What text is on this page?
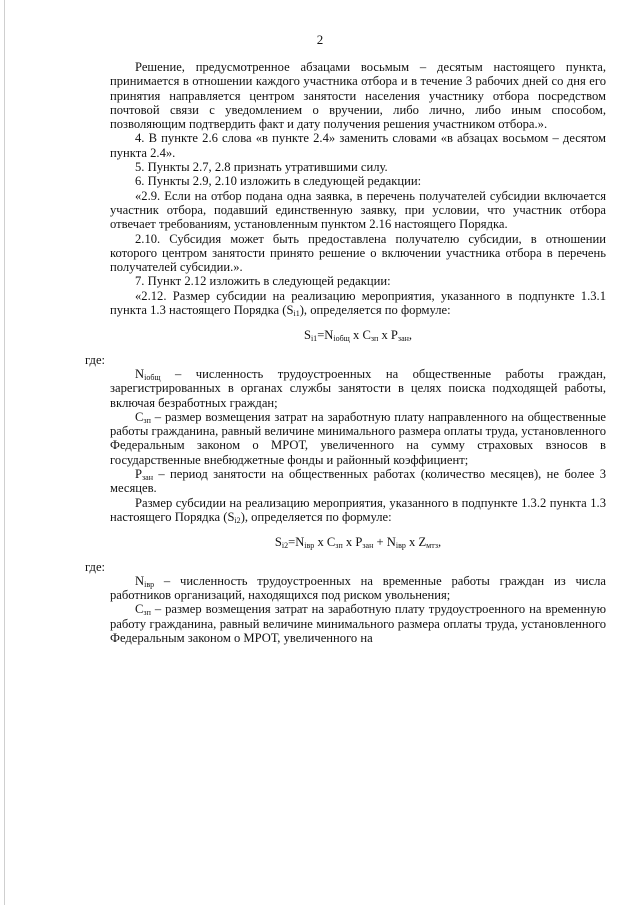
2

Решение, предусмотренное абзацами восьмым – десятым настоящего пункта, принимается в отношении каждого участника отбора и в течение 3 рабочих дней со дня его принятия направляется центром занятости населения участнику отбора посредством почтовой связи с уведомлением о вручении, либо лично, либо иным способом, позволяющим подтвердить факт и дату получения решения участником отбора.».

4. В пункте 2.6 слова «в пункте 2.4» заменить словами «в абзацах восьмом – десятом пункта 2.4».

5. Пункты 2.7, 2.8 признать утратившими силу.

6. Пункты 2.9, 2.10 изложить в следующей редакции:

«2.9. Если на отбор подана одна заявка, в перечень получателей субсидии включается участник отбора, подавший единственную заявку, при условии, что участник отбора отвечает требованиям, установленным пунктом 2.16 настоящего Порядка.

2.10. Субсидия может быть предоставлена получателю субсидии, в отношении которого центром занятости принято решение о включении участника отбора в перечень получателей субсидии.».

7. Пункт 2.12 изложить в следующей редакции:

«2.12. Размер субсидии на реализацию мероприятия, указанного в подпункте 1.3.1 пункта 1.3 настоящего Порядка $(S_{i1})$, определяется по формуле:

$S_{i1}=N_{iобщ}$ x $C_{зп}$ x $P_{зан}$,

где:

$N_{iобщ}$ – численность трудоустроенных на общественные работы граждан, зарегистрированных в органах службы занятости в целях поиска подходящей работы, включая безработных граждан;

$C_{зп}$ – размер возмещения затрат на заработную плату направленного на общественные работы гражданина, равный величине минимального размера оплаты труда, установленного Федеральным законом о МРОТ, увеличенного на сумму страховых взносов в государственные внебюджетные фонды и районный коэффициент;

$P_{зан}$ – период занятости на общественных работах (количество месяцев), не более 3 месяцев.

Размер субсидии на реализацию мероприятия, указанного в подпункте 1.3.2 пункта 1.3 настоящего Порядка $(S_{i2})$, определяется по формуле:

$S_{i2}=N_{iвр}$ x $C_{зп}$ x $P_{зан} + N_{iвр}$ x $Z_{мтз}$,

где:

$N_{iвр}$ – численность трудоустроенных на временные работы граждан из числа работников организаций, находящихся под риском увольнения;

$C_{зп}$ – размер возмещения затрат на заработную плату трудоустроенного на временную работу гражданина, равный величине минимального размера оплаты труда, установленного Федеральным законом о МРОТ, увеличенного на
